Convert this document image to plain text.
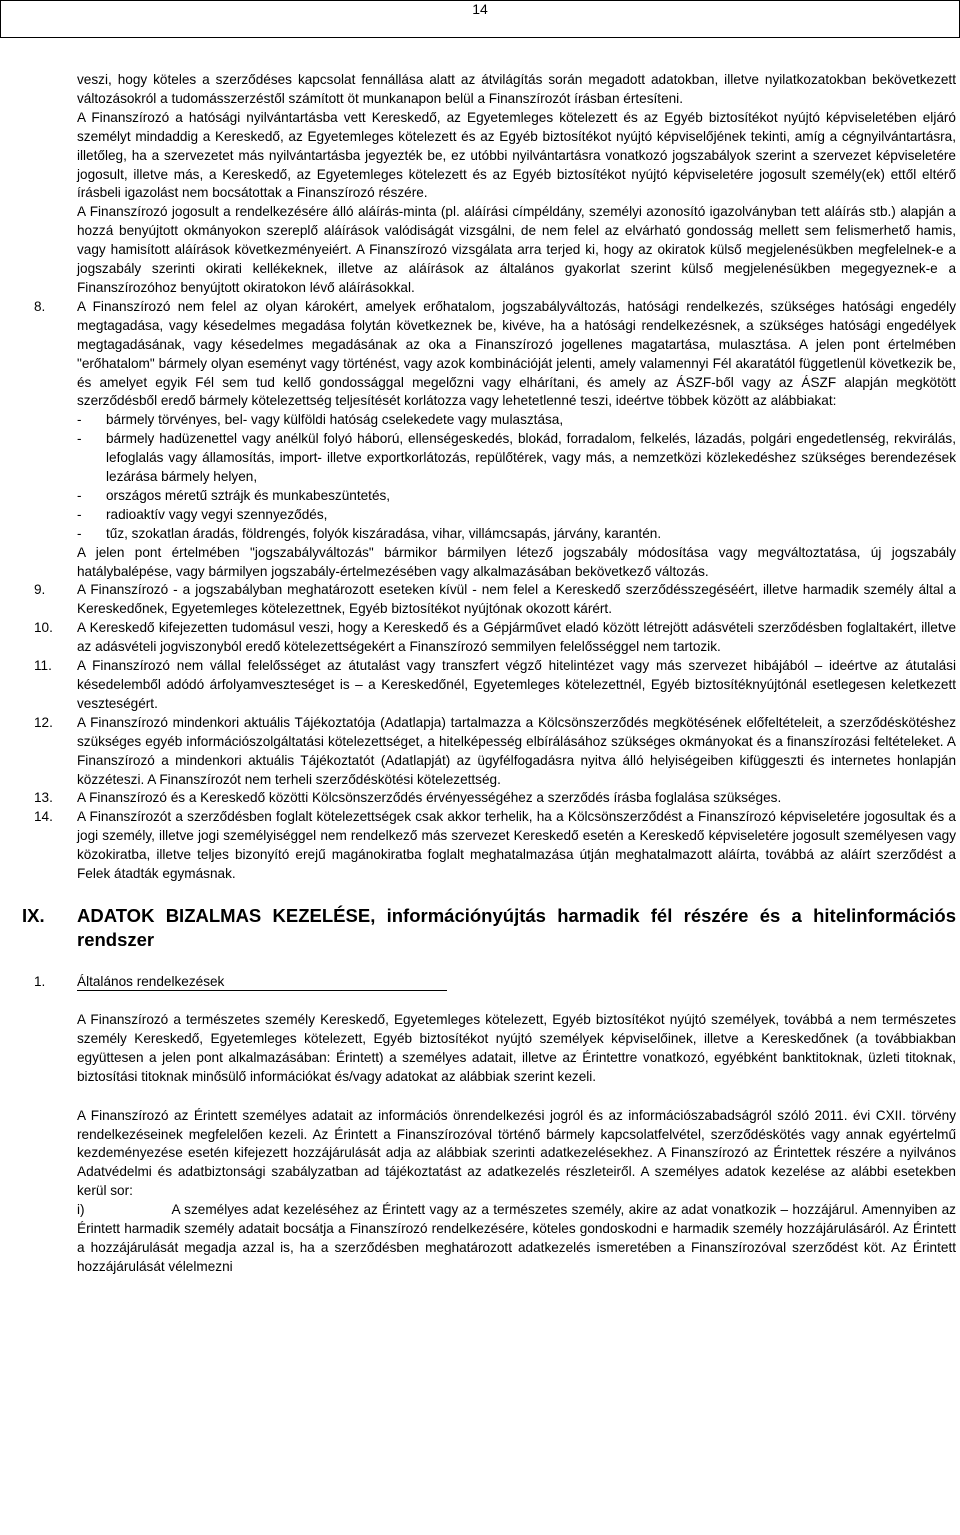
14

veszi, hogy köteles a szerződéses kapcsolat fennállása alatt az átvilágítás során megadott adatokban, illetve nyilatkozatokban bekövetkezett változásokról a tudomásszerzéstől számított öt munkanapon belül a Finanszírozót írásban értesíteni.

A Finanszírozó a hatósági nyilvántartásba vett Kereskedő, az Egyetemleges kötelezett és az Egyéb biztosítékot nyújtó képviseletében eljáró személyt mindaddig a Kereskedő, az Egyetemleges kötelezett és az Egyéb biztosítékot nyújtó képviselőjének tekinti, amíg a cégnyilvántartásra, illetőleg, ha a szervezetet más nyilvántartásba jegyezték be, ez utóbbi nyilvántartásra vonatkozó jogszabályok szerint a szervezet képviseletére jogosult, illetve más, a Kereskedő, az Egyetemleges kötelezett és az Egyéb biztosítékot nyújtó képviseletére jogosult személy(ek) ettől eltérő írásbeli igazolást nem bocsátottak a Finanszírozó részére.

A Finanszírozó jogosult a rendelkezésére álló aláírás-minta (pl. aláírási címpéldány, személyi azonosító igazolványban tett aláírás stb.) alapján a hozzá benyújtott okmányokon szereplő aláírások valódiságát vizsgálni, de nem felel az elvárható gondosság mellett sem felismerhető hamis, vagy hamisított aláírások következményeiért. A Finanszírozó vizsgálata arra terjed ki, hogy az okiratok külső megjelenésükben megfelelnek-e a jogszabály szerinti okirati kellékeknek, illetve az aláírások az általános gyakorlat szerint külső megjelenésükben megegyeznek-e a Finanszírozóhoz benyújtott okiratokon lévő aláírásokkal.

8. A Finanszírozó nem felel az olyan károkért, amelyek erőhatalom, jogszabályváltozás, hatósági rendelkezés, szükséges hatósági engedély megtagadása, vagy késedelmes megadása folytán következnek be, kivéve, ha a hatósági rendelkezésnek, a szükséges hatósági engedélyek megtagadásának, vagy késedelmes megadásának az oka a Finanszírozó jogellenes magatartása, mulasztása. A jelen pont értelmében "erőhatalom" bármely olyan eseményt vagy történést, vagy azok kombinációját jelenti, amely valamennyi Fél akaratától függetlenül következik be, és amelyet egyik Fél sem tud kellő gondossággal megelőzni vagy elhárítani, és amely az ÁSZF-ből vagy az ÁSZF alapján megkötött szerződésből eredő bármely kötelezettség teljesítését korlátozza vagy lehetetlenné teszi, ideértve többek között az alábbiakat:
- bármely törvényes, bel- vagy külföldi hatóság cselekedete vagy mulasztása,
- bármely hadüzenettel vagy anélkül folyó háború, ellenségeskedés, blokád, forradalom, felkelés, lázadás, polgári engedetlenség, rekvirálás, lefoglalás vagy államosítás, import- illetve exportkorlátozás, repülőtérek, vagy más, a nemzetközi közlekedéshez szükséges berendezések lezárása bármely helyen,
- országos méretű sztrájk és munkabeszüntetés,
- radioaktív vagy vegyi szennyeződés,
- tűz, szokatlan áradás, földrengés, folyók kiszáradása, vihar, villámcsapás, járvány, karantén.

A jelen pont értelmében "jogszabályváltozás" bármikor bármilyen létező jogszabály módosítása vagy megváltoztatása, új jogszabály hatálybalépése, vagy bármilyen jogszabály-értelmezésében vagy alkalmazásában bekövetkező változás.

9. A Finanszírozó - a jogszabályban meghatározott eseteken kívül - nem felel a Kereskedő szerződésszegéséért, illetve harmadik személy által a Kereskedőnek, Egyetemleges kötelezettnek, Egyéb biztosítékot nyújtónak okozott kárért.
10. A Kereskedő kifejezetten tudomásul veszi, hogy a Kereskedő és a Gépjárművet eladó között létrejött adásvételi szerződésben foglaltakért, illetve az adásvételi jogviszonyból eredő kötelezettségekért a Finanszírozó semmilyen felelősséggel nem tartozik.
11. A Finanszírozó nem vállal felelősséget az átutalást vagy transzfert végző hitelintézet vagy más szervezet hibájából – ideértve az átutalási késedelemből adódó árfolyamveszteséget is – a Kereskedőnél, Egyetemleges kötelezettnél, Egyéb biztosítéknyújtónál esetlegesen keletkezett veszteségért.
12. A Finanszírozó mindenkori aktuális Tájékoztatója (Adatlapja) tartalmazza a Kölcsönszerződés megkötésének előfeltételeit, a szerződéskötéshez szükséges egyéb információszolgáltatási kötelezettséget, a hitelképesség elbírálásához szükséges okmányokat és a finanszírozási feltételeket. A Finanszírozó a mindenkori aktuális Tájékoztatót (Adatlapját) az ügyfélfogadásra nyitva álló helyiségeiben kifüggeszti és internetes honlapján közzéteszi. A Finanszírozót nem terheli szerződéskötési kötelezettség.
13. A Finanszírozó és a Kereskedő közötti Kölcsönszerződés érvényességéhez a szerződés írásba foglalása szükséges.
14. A Finanszírozót a szerződésben foglalt kötelezettségek csak akkor terhelik, ha a Kölcsönszerződést a Finanszírozó képviseletére jogosultak és a jogi személy, illetve jogi személyiséggel nem rendelkező más szervezet Kereskedő esetén a Kereskedő képviseletére jogosult személyesen vagy közokiratba, illetve teljes bizonyító erejű magánokiratba foglalt meghatalmazása útján meghatalmazott aláírta, továbbá az aláírt szerződést a Felek átadták egymásnak.
IX. ADATOK BIZALMAS KEZELÉSE, információnyújtás harmadik fél részére és a hitelinformációs rendszer
1. Általános rendelkezések

A Finanszírozó a természetes személy Kereskedő, Egyetemleges kötelezett, Egyéb biztosítékot nyújtó személyek, továbbá a nem természetes személy Kereskedő, Egyetemleges kötelezett, Egyéb biztosítékot nyújtó személyek képviselőinek, illetve a Kereskedőnek (a továbbiakban együttesen a jelen pont alkalmazásában: Érintett) a személyes adatait, illetve az Érintettre vonatkozó, egyébként banktitoknak, üzleti titoknak, biztosítási titoknak minősülő információkat és/vagy adatokat az alábbiak szerint kezeli.

A Finanszírozó az Érintett személyes adatait az információs önrendelkezési jogról és az információszabadságról szóló 2011. évi CXII. törvény rendelkezéseinek megfelelően kezeli. Az Érintett a Finanszírozóval történő bármely kapcsolatfelvétel, szerződéskötés vagy annak egyértelmű kezdeményezése esetén kifejezett hozzájárulását adja az alábbiak szerinti adatkezelésekhez. A Finanszírozó az Érintettek részére a nyilvános Adatvédelmi és adatbiztonsági szabályzatban ad tájékoztatást az adatkezelés részleteiről. A személyes adatok kezelése az alábbi esetekben kerül sor:

i)	A személyes adat kezeléséhez az Érintett vagy az a természetes személy, akire az adat vonatkozik – hozzájárul. Amennyiben az Érintett harmadik személy adatait bocsátja a Finanszírozó rendelkezésére, köteles gondoskodni e harmadik személy hozzájárulásáról. Az Érintett a hozzájárulását megadja azzal is, ha a szerződésben meghatározott adatkezelés ismeretében a Finanszírozóval szerződést köt. Az Érintett hozzájárulását vélelmezni
